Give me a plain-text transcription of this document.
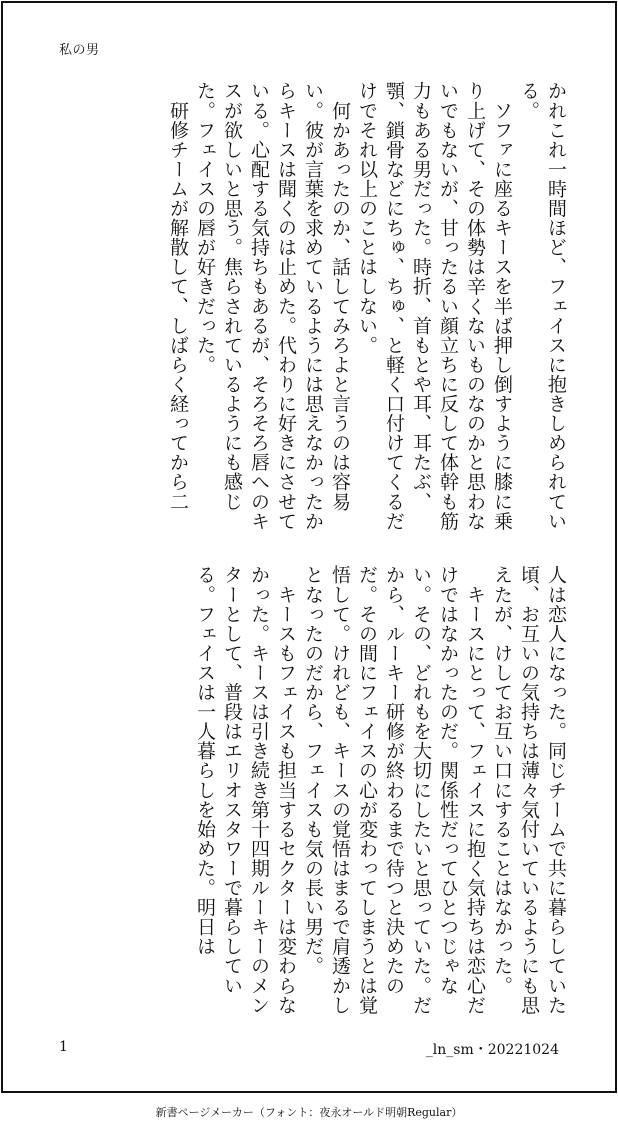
私の男

かれこれ一時間ほど、フェイスに抱きしめられている。

　ソファに座るキースを半ば押し倒すように膝に乗り上げて、その体勢は辛くないものなのかと思わないでもないが、甘ったるい顔立ちに反して体幹も筋力もある男だった。時折、首もとや耳、耳たぶ、顎、鎖骨などにちゅ、ちゅ、と軽く口付けてくるだけでそれ以上のことはしない。

　何かあったのか、話してみろよと言うのは容易い。彼が言葉を求めているようには思えなかったからキースは聞くのは止めた。代わりに好きにさせている。心配する気持ちもあるが、そろそろ唇へのキスが欲しいと思う。焦らされているようにも感じた。フェイスの唇が好きだった。

　研修チームが解散して、しばらく経ってから二

人は恋人になった。同じチームで共に暮らしていた頃、お互いの気持ちは薄々気付いているようにも思えたが、けしてお互い口にすることはなかった。

　キースにとって、フェイスに抱く気持ちは恋心だけではなかったのだ。関係性だってひとつじゃない。その、どれもを大切にしたいと思っていた。だから、ルーキー研修が終わるまで待つと決めたのだ。その間にフェイスの心が変わってしまうとは覚悟して。けれども、キースの覚悟はまるで肩透かしとなったのだから、フェイスも気の長い男だ。

　キースもフェイスも担当するセクターは変わらなかった。キースは引き続き第十四期ルーキーのメンターとして、普段はエリオスタワーで暮らしている。フェイスは一人暮らしを始めた。明日は

1	_ln_sm・20221024
新書ページメーカー（フォント：夜永オールド明朝Regular）
